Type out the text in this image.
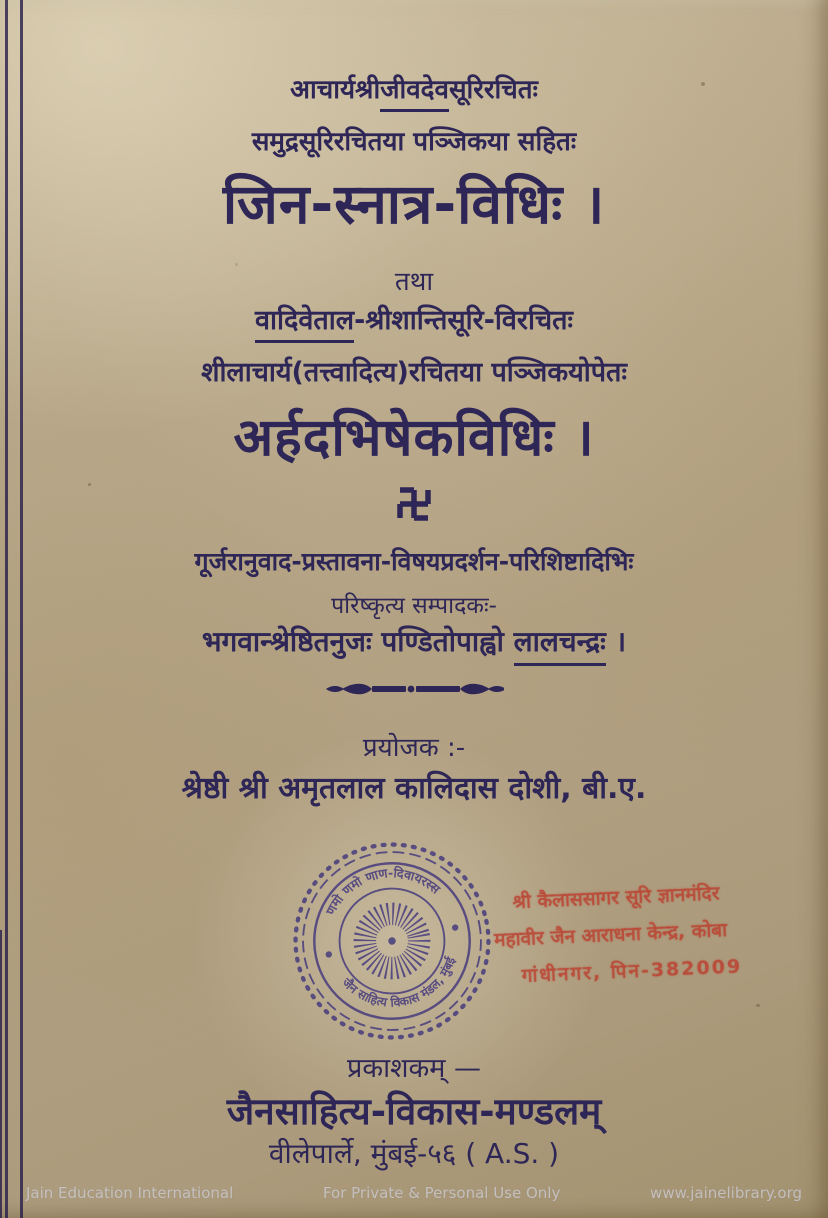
आचार्यश्रीजीवदेवसूरिरचितः
समुद्रसूरिरचितया पञ्जिकया सहितः
जिन-स्नात्र-विधिः ।
तथा
वादिवेताल-श्रीशान्तिसूरि-विरचितः
शीलाचार्य(तत्त्वादित्य)रचितया पञ्जिकयोपेतः
अर्हदभिषेकविधिः ।
गूर्जरानुवाद-प्रस्तावना-विषयप्रदर्शन-परिशिष्टादिभिः
परिष्कृत्य सम्पादकः-
भगवान्श्रेष्ठितनुजः पण्डितोपाह्वो लालचन्द्रः ।
प्रयोजक :-
श्रेष्ठी श्री अमृतलाल कालिदास दोशी, बी.ए.
श्री कैलाससागर सूरि ज्ञानमंदिर
महावीर जैन आराधना केन्द्र, कोबा
गांधीनगर, पिन-382009
णमो णमो णाण-दिवायरस्स
जैन साहित्य विकास मंडल, मुंबई
प्रकाशकम् —
जैनसाहित्य-विकास-मण्डलम्
वीलेपार्ले, मुंबई-५६ ( A.S. )
Jain Education International	For Private & Personal Use Only	www.jainelibrary.org
